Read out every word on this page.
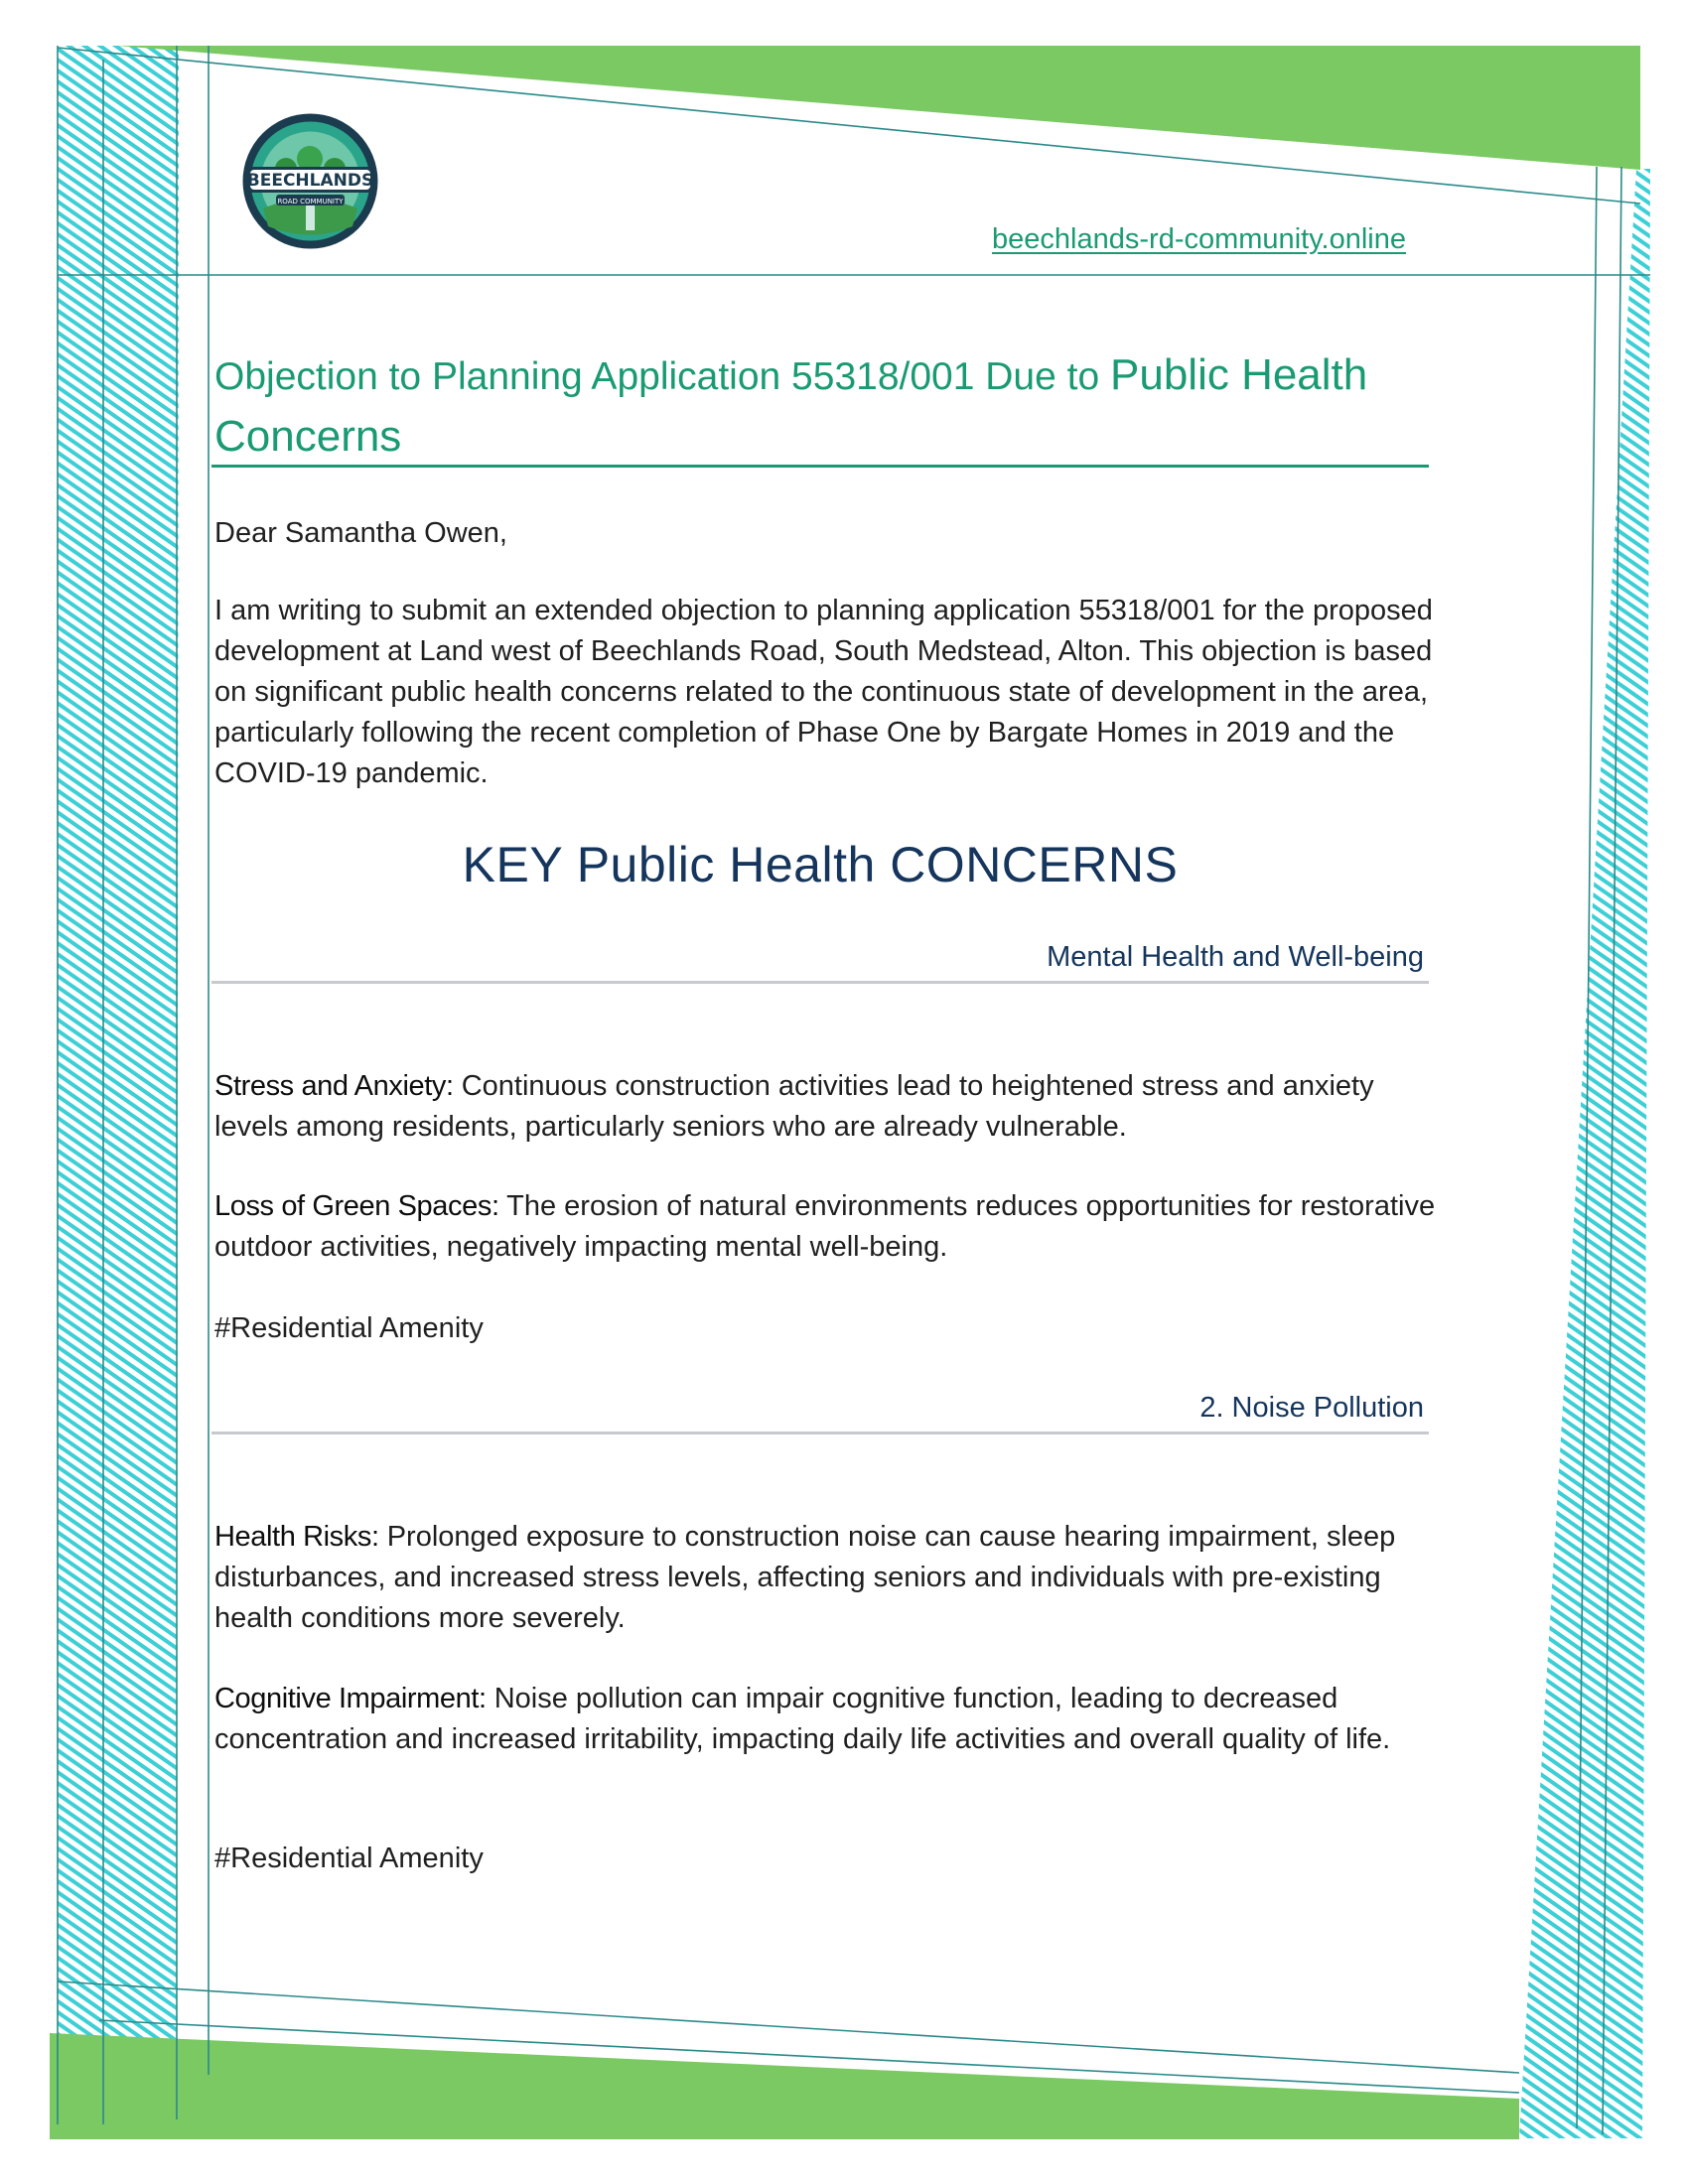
BEECHLANDS
ROAD COMMUNITY
beechlands-rd-community.online
Objection to Planning Application 55318/001 Due to Public Health Concerns
Dear Samantha Owen,
I am writing to submit an extended objection to planning application 55318/001 for the proposed development at Land west of Beechlands Road, South Medstead, Alton. This objection is based on significant public health concerns related to the continuous state of development in the area, particularly following the recent completion of Phase One by Bargate Homes in 2019 and the COVID-19 pandemic.
KEY Public Health CONCERNS
Mental Health and Well-being

Stress and Anxiety: Continuous construction activities lead to heightened stress and anxiety levels among residents, particularly seniors who are already vulnerable.

Loss of Green Spaces: The erosion of natural environments reduces opportunities for restorative outdoor activities, negatively impacting mental well-being.

#Residential Amenity
2. Noise Pollution

Health Risks: Prolonged exposure to construction noise can cause hearing impairment, sleep disturbances, and increased stress levels, affecting seniors and individuals with pre-existing health conditions more severely.

Cognitive Impairment: Noise pollution can impair cognitive function, leading to decreased concentration and increased irritability, impacting daily life activities and overall quality of life.

#Residential Amenity
